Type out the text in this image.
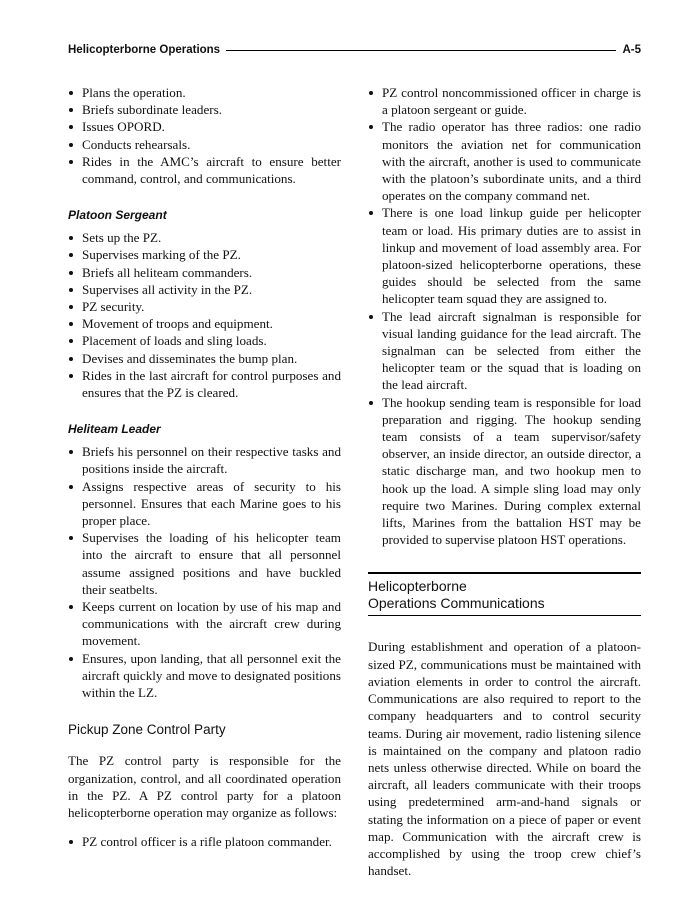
Helicopterborne Operations	A-5
Plans the operation.
Briefs subordinate leaders.
Issues OPORD.
Conducts rehearsals.
Rides in the AMC’s aircraft to ensure better command, control, and communications.
Platoon Sergeant
Sets up the PZ.
Supervises marking of the PZ.
Briefs all heliteam commanders.
Supervises all activity in the PZ.
PZ security.
Movement of troops and equipment.
Placement of loads and sling loads.
Devises and disseminates the bump plan.
Rides in the last aircraft for control purposes and ensures that the PZ is cleared.
Heliteam Leader
Briefs his personnel on their respective tasks and positions inside the aircraft.
Assigns respective areas of security to his personnel. Ensures that each Marine goes to his proper place.
Supervises the loading of his helicopter team into the aircraft to ensure that all personnel assume assigned positions and have buckled their seatbelts.
Keeps current on location by use of his map and communications with the aircraft crew during movement.
Ensures, upon landing, that all personnel exit the aircraft quickly and move to designated positions within the LZ.
Pickup Zone Control Party

The PZ control party is responsible for the organization, control, and all coordinated operation in the PZ. A PZ control party for a platoon helicopterborne operation may organize as follows:

PZ control officer is a rifle platoon commander.
PZ control noncommissioned officer in charge is a platoon sergeant or guide.
The radio operator has three radios: one radio monitors the aviation net for communication with the aircraft, another is used to communicate with the platoon’s subordinate units, and a third operates on the company command net.
There is one load linkup guide per helicopter team or load. His primary duties are to assist in linkup and movement of load assembly area. For platoon-sized helicopterborne operations, these guides should be selected from the same helicopter team squad they are assigned to.
The lead aircraft signalman is responsible for visual landing guidance for the lead aircraft. The signalman can be selected from either the helicopter team or the squad that is loading on the lead aircraft.
The hookup sending team is responsible for load preparation and rigging. The hookup sending team consists of a team supervisor/safety observer, an inside director, an outside director, a static discharge man, and two hookup men to hook up the load. A simple sling load may only require two Marines. During complex external lifts, Marines from the battalion HST may be provided to supervise platoon HST operations.
Helicopterborne
Operations Communications

During establishment and operation of a platoon-sized PZ, communications must be maintained with aviation elements in order to control the aircraft. Communications are also required to report to the company headquarters and to control security teams. During air movement, radio listening silence is maintained on the company and platoon radio nets unless otherwise directed. While on board the aircraft, all leaders communicate with their troops using predetermined arm-and-hand signals or stating the information on a piece of paper or event map. Communication with the aircraft crew is accomplished by using the troop crew chief’s handset.
